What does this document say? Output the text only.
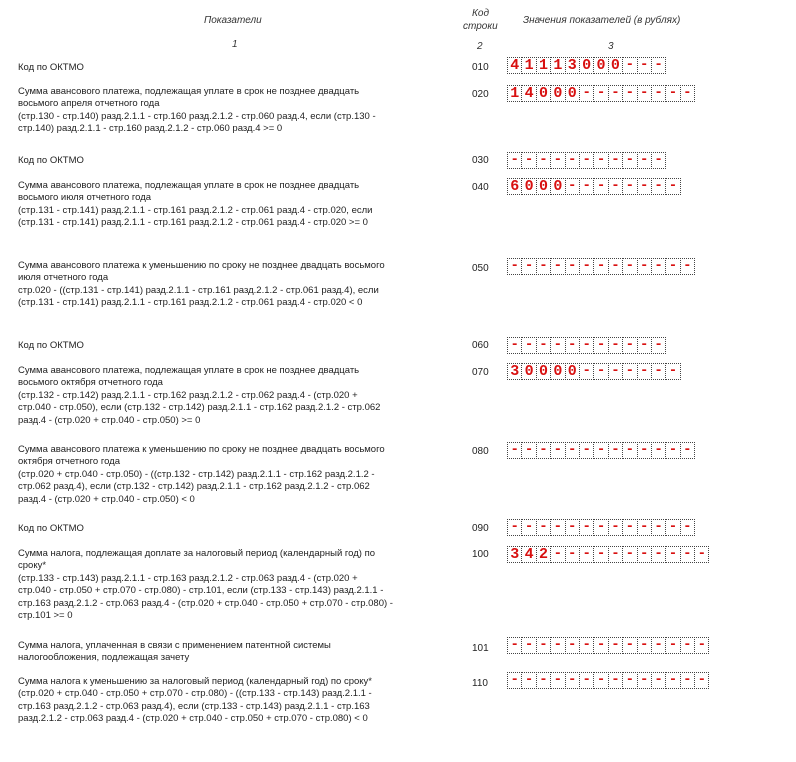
Показатели
Код
строки
Значения показателей (в рублях)
1	2	3
Код по ОКТМО	010	4 1 1 1 3 0 0 0 - - -
Сумма авансового платежа, подлежащая уплате в срок не позднее двадцать
восьмого апреля отчетного года
(стр.130 - стр.140) разд.2.1.1 - стр.160 разд.2.1.2 - стр.060 разд.4, если (стр.130 -
стр.140) разд.2.1.1 - стр.160 разд.2.1.2 - стр.060 разд.4 >= 0
020	1 4 0 0 0 - - - - - - - -
Код по ОКТМО	030	- - - - - - - - - - -
Сумма авансового платежа, подлежащая уплате в срок не позднее двадцать
восьмого июля отчетного года
(стр.131 - стр.141) разд.2.1.1 - стр.161 разд.2.1.2 - стр.061 разд.4 - стр.020, если
(стр.131 - стр.141) разд.2.1.1 - стр.161 разд.2.1.2 - стр.061 разд.4 - стр.020 >= 0
040	6 0 0 0 - - - - - - - -
Сумма авансового платежа к уменьшению по сроку не позднее двадцать восьмого
июля отчетного года
стр.020 - ((стр.131 - стр.141) разд.2.1.1 - стр.161 разд.2.1.2 - стр.061 разд.4), если
(стр.131 - стр.141) разд.2.1.1 - стр.161 разд.2.1.2 - стр.061 разд.4 - стр.020 < 0
050	- - - - - - - - - - - - -
Код по ОКТМО	060	- - - - - - - - - - -
Сумма авансового платежа, подлежащая уплате в срок не позднее двадцать
восьмого октября отчетного года
(стр.132 - стр.142) разд.2.1.1 - стр.162 разд.2.1.2 - стр.062 разд.4 - (стр.020 +
стр.040 - стр.050), если (стр.132 - стр.142) разд.2.1.1 - стр.162 разд.2.1.2 - стр.062
разд.4 - (стр.020 + стр.040 - стр.050) >= 0
070	3 0 0 0 0 - - - - - - -
Сумма авансового платежа к уменьшению по сроку не позднее двадцать восьмого
октября отчетного года
(стр.020 + стр.040 - стр.050) - ((стр.132 - стр.142) разд.2.1.1 - стр.162 разд.2.1.2 -
стр.062 разд.4), если (стр.132 - стр.142) разд.2.1.1 - стр.162 разд.2.1.2 - стр.062
разд.4 - (стр.020 + стр.040 - стр.050) < 0
080	- - - - - - - - - - - - -
Код по ОКТМО	090	- - - - - - - - - - - - -
Сумма налога, подлежащая доплате за налоговый период (календарный год) по
сроку*
(стр.133 - стр.143) разд.2.1.1 - стр.163 разд.2.1.2 - стр.063 разд.4 - (стр.020 +
стр.040 - стр.050 + стр.070 - стр.080) - стр.101, если (стр.133 - стр.143) разд.2.1.1 -
стр.163 разд.2.1.2 - стр.063 разд.4 - (стр.020 + стр.040 - стр.050 + стр.070 - стр.080) -
стр.101 >= 0
100	3 4 2 - - - - - - - - - - -
Сумма налога, уплаченная в связи с применением патентной системы
налогообложения, подлежащая зачету
101	- - - - - - - - - - - - - -
Сумма налога к уменьшению за налоговый период (календарный год) по сроку*
(стр.020 + стр.040 - стр.050 + стр.070 - стр.080) - ((стр.133 - стр.143) разд.2.1.1 -
стр.163 разд.2.1.2 - стр.063 разд.4), если (стр.133 - стр.143) разд.2.1.1 - стр.163
разд.2.1.2 - стр.063 разд.4 - (стр.020 + стр.040 - стр.050 + стр.070 - стр.080) < 0
110	- - - - - - - - - - - - - -
